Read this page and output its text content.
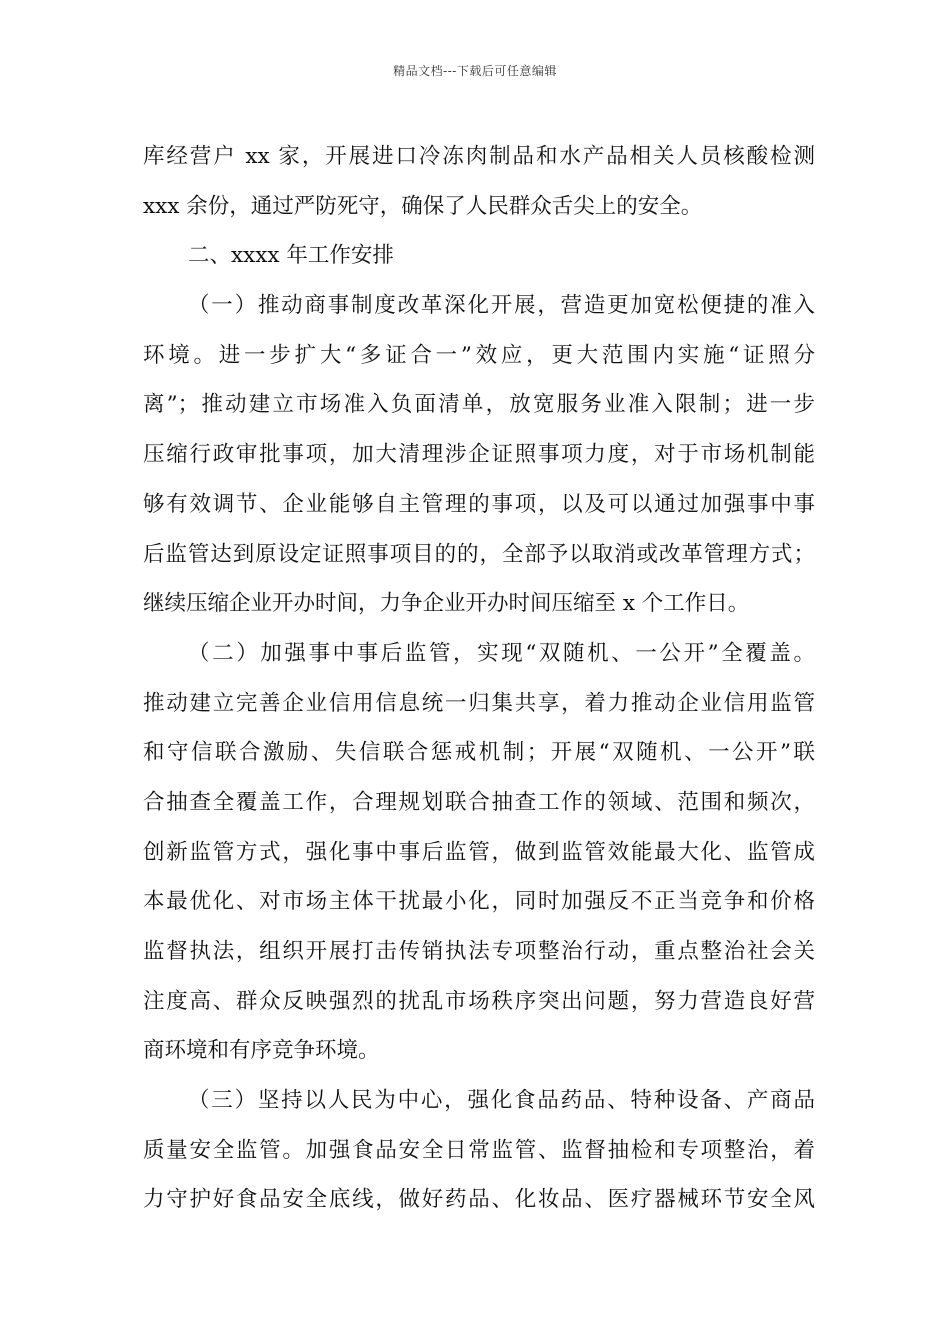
精品文档---下载后可任意编辑
库经营户 xx 家，开展进口冷冻肉制品和水产品相关人员核酸检测
xxx 余份，通过严防死守，确保了人民群众舌尖上的安全。
二、xxxx 年工作安排
（一）推动商事制度改革深化开展，营造更加宽松便捷的准入
环境。进一步扩大“多证合一”效应，更大范围内实施“证照分
离”；推动建立市场准入负面清单，放宽服务业准入限制；进一步
压缩行政审批事项，加大清理涉企证照事项力度，对于市场机制能
够有效调节、企业能够自主管理的事项，以及可以通过加强事中事
后监管达到原设定证照事项目的的，全部予以取消或改革管理方式；
继续压缩企业开办时间，力争企业开办时间压缩至 x 个工作日。
（二）加强事中事后监管，实现“双随机、一公开”全覆盖。
推动建立完善企业信用信息统一归集共享，着力推动企业信用监管
和守信联合激励、失信联合惩戒机制；开展“双随机、一公开”联
合抽查全覆盖工作，合理规划联合抽查工作的领域、范围和频次，
创新监管方式，强化事中事后监管，做到监管效能最大化、监管成
本最优化、对市场主体干扰最小化，同时加强反不正当竞争和价格
监督执法，组织开展打击传销执法专项整治行动，重点整治社会关
注度高、群众反映强烈的扰乱市场秩序突出问题，努力营造良好营
商环境和有序竞争环境。
（三）坚持以人民为中心，强化食品药品、特种设备、产商品
质量安全监管。加强食品安全日常监管、监督抽检和专项整治，着
力守护好食品安全底线，做好药品、化妆品、医疗器械环节安全风
